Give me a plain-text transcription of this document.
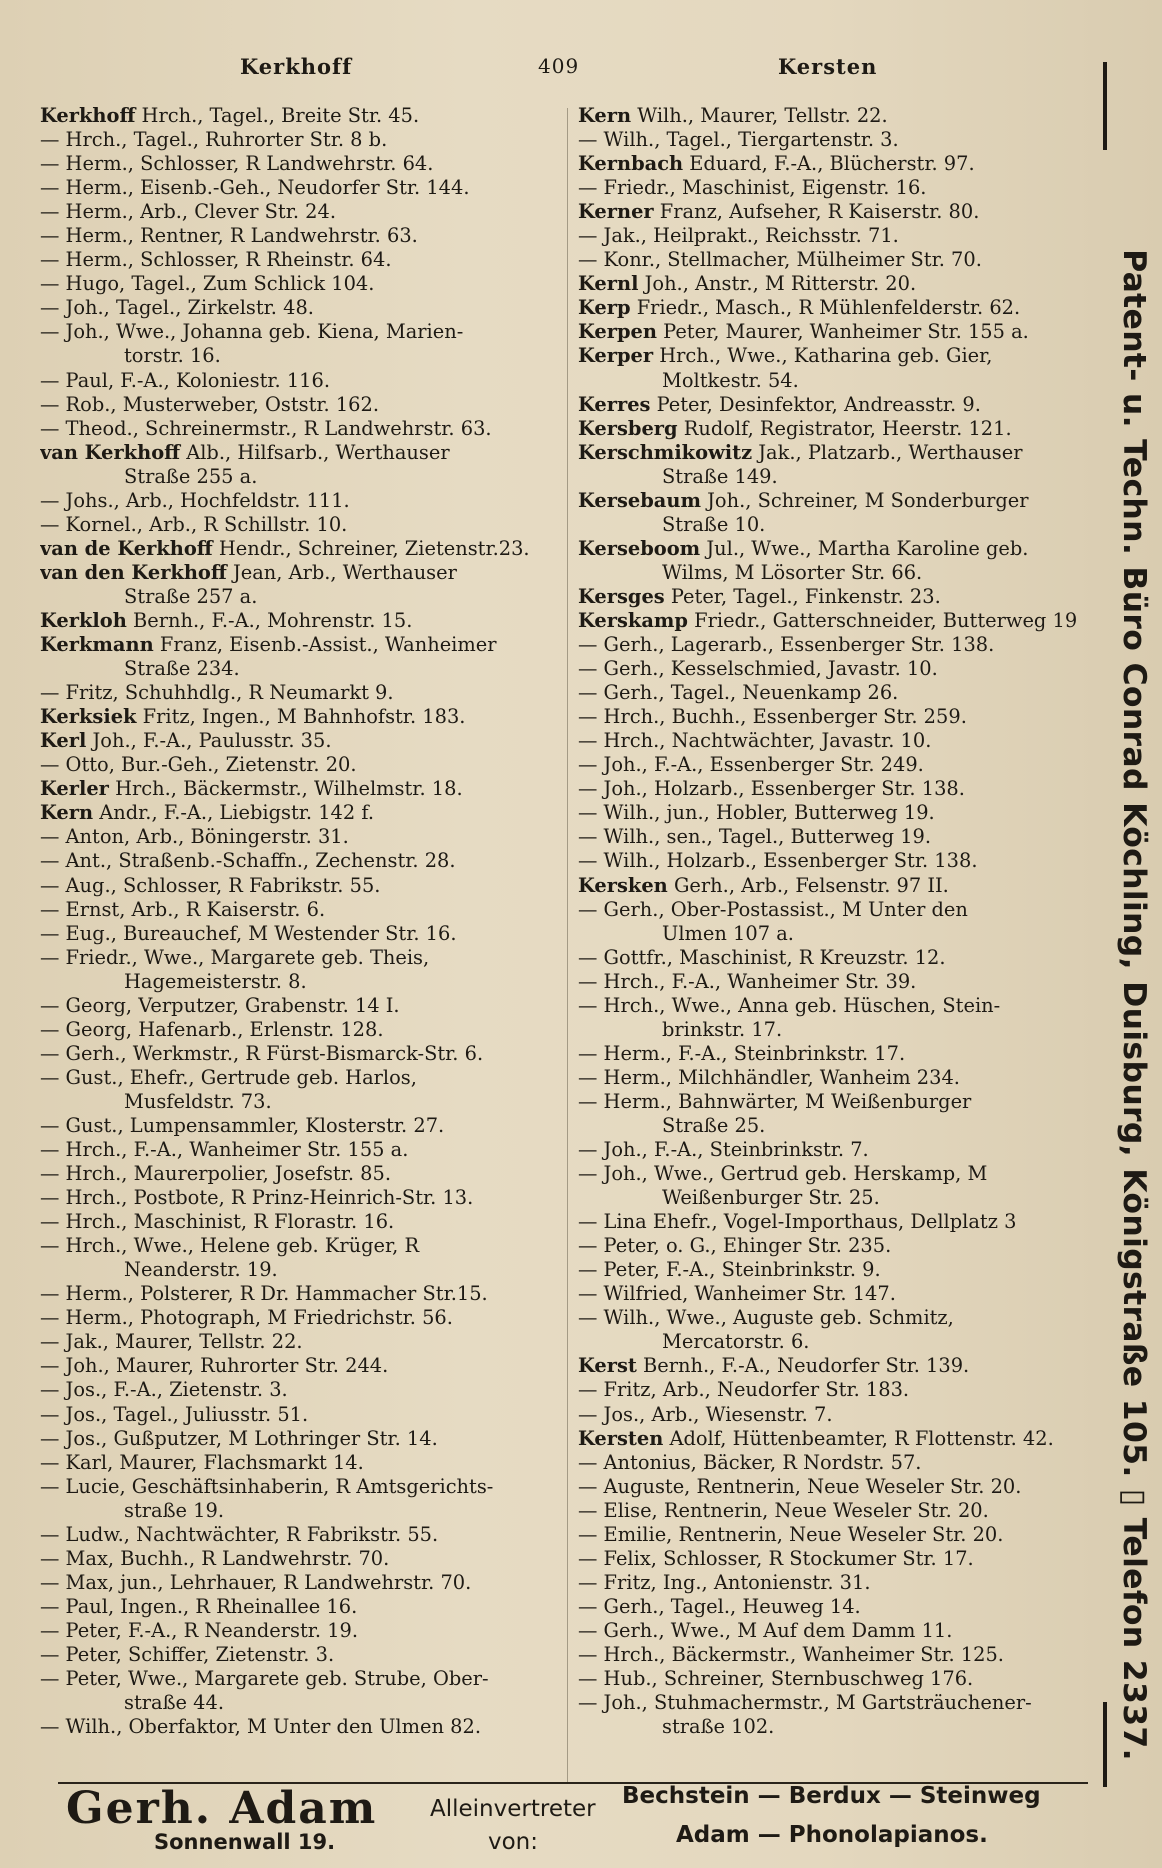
Kerkhoff	409	Kersten
Kerkhoff Hrch., Tagel., Breite Str. 45.
— Hrch., Tagel., Ruhrorter Str. 8 b.
— Herm., Schlosser, R Landwehrstr. 64.
— Herm., Eisenb.-Geh., Neudorfer Str. 144.
— Herm., Arb., Clever Str. 24.
— Herm., Rentner, R Landwehrstr. 63.
— Herm., Schlosser, R Rheinstr. 64.
— Hugo, Tagel., Zum Schlick 104.
— Joh., Tagel., Zirkelstr. 48.
— Joh., Wwe., Johanna geb. Kiena, Marien-
torstr. 16.
— Paul, F.-A., Koloniestr. 116.
— Rob., Musterweber, Oststr. 162.
— Theod., Schreinermstr., R Landwehrstr. 63.
van Kerkhoff Alb., Hilfsarb., Werthauser
Straße 255 a.
— Johs., Arb., Hochfeldstr. 111.
— Kornel., Arb., R Schillstr. 10.
van de Kerkhoff Hendr., Schreiner, Zietenstr.23.
van den Kerkhoff Jean, Arb., Werthauser
Straße 257 a.
Kerkloh Bernh., F.-A., Mohrenstr. 15.
Kerkmann Franz, Eisenb.-Assist., Wanheimer
Straße 234.
— Fritz, Schuhhdlg., R Neumarkt 9.
Kerksiek Fritz, Ingen., M Bahnhofstr. 183.
Kerl Joh., F.-A., Paulusstr. 35.
— Otto, Bur.-Geh., Zietenstr. 20.
Kerler Hrch., Bäckermstr., Wilhelmstr. 18.
Kern Andr., F.-A., Liebigstr. 142 f.
— Anton, Arb., Böningerstr. 31.
— Ant., Straßenb.-Schaffn., Zechenstr. 28.
— Aug., Schlosser, R Fabrikstr. 55.
— Ernst, Arb., R Kaiserstr. 6.
— Eug., Bureauchef, M Westender Str. 16.
— Friedr., Wwe., Margarete geb. Theis,
Hagemeisterstr. 8.
— Georg, Verputzer, Grabenstr. 14 I.
— Georg, Hafenarb., Erlenstr. 128.
— Gerh., Werkmstr., R Fürst-Bismarck-Str. 6.
— Gust., Ehefr., Gertrude geb. Harlos,
Musfeldstr. 73.
— Gust., Lumpensammler, Klosterstr. 27.
— Hrch., F.-A., Wanheimer Str. 155 a.
— Hrch., Maurerpolier, Josefstr. 85.
— Hrch., Postbote, R Prinz-Heinrich-Str. 13.
— Hrch., Maschinist, R Florastr. 16.
— Hrch., Wwe., Helene geb. Krüger, R
Neanderstr. 19.
— Herm., Polsterer, R Dr. Hammacher Str.15.
— Herm., Photograph, M Friedrichstr. 56.
— Jak., Maurer, Tellstr. 22.
— Joh., Maurer, Ruhrorter Str. 244.
— Jos., F.-A., Zietenstr. 3.
— Jos., Tagel., Juliusstr. 51.
— Jos., Gußputzer, M Lothringer Str. 14.
— Karl, Maurer, Flachsmarkt 14.
— Lucie, Geschäftsinhaberin, R Amtsgerichts-
straße 19.
— Ludw., Nachtwächter, R Fabrikstr. 55.
— Max, Buchh., R Landwehrstr. 70.
— Max, jun., Lehrhauer, R Landwehrstr. 70.
— Paul, Ingen., R Rheinallee 16.
— Peter, F.-A., R Neanderstr. 19.
— Peter, Schiffer, Zietenstr. 3.
— Peter, Wwe., Margarete geb. Strube, Ober-
straße 44.
— Wilh., Oberfaktor, M Unter den Ulmen 82.
Kern Wilh., Maurer, Tellstr. 22.
— Wilh., Tagel., Tiergartenstr. 3.
Kernbach Eduard, F.-A., Blücherstr. 97.
— Friedr., Maschinist, Eigenstr. 16.
Kerner Franz, Aufseher, R Kaiserstr. 80.
— Jak., Heilprakt., Reichsstr. 71.
— Konr., Stellmacher, Mülheimer Str. 70.
Kernl Joh., Anstr., M Ritterstr. 20.
Kerp Friedr., Masch., R Mühlenfelderstr. 62.
Kerpen Peter, Maurer, Wanheimer Str. 155 a.
Kerper Hrch., Wwe., Katharina geb. Gier,
Moltkestr. 54.
Kerres Peter, Desinfektor, Andreasstr. 9.
Kersberg Rudolf, Registrator, Heerstr. 121.
Kerschmikowitz Jak., Platzarb., Werthauser
Straße 149.
Kersebaum Joh., Schreiner, M Sonderburger
Straße 10.
Kerseboom Jul., Wwe., Martha Karoline geb.
Wilms, M Lösorter Str. 66.
Kersges Peter, Tagel., Finkenstr. 23.
Kerskamp Friedr., Gatterschneider, Butterweg 19
— Gerh., Lagerarb., Essenberger Str. 138.
— Gerh., Kesselschmied, Javastr. 10.
— Gerh., Tagel., Neuenkamp 26.
— Hrch., Buchh., Essenberger Str. 259.
— Hrch., Nachtwächter, Javastr. 10.
— Joh., F.-A., Essenberger Str. 249.
— Joh., Holzarb., Essenberger Str. 138.
— Wilh., jun., Hobler, Butterweg 19.
— Wilh., sen., Tagel., Butterweg 19.
— Wilh., Holzarb., Essenberger Str. 138.
Kersken Gerh., Arb., Felsenstr. 97 II.
— Gerh., Ober-Postassist., M Unter den
Ulmen 107 a.
— Gottfr., Maschinist, R Kreuzstr. 12.
— Hrch., F.-A., Wanheimer Str. 39.
— Hrch., Wwe., Anna geb. Hüschen, Stein-
brinkstr. 17.
— Herm., F.-A., Steinbrinkstr. 17.
— Herm., Milchhändler, Wanheim 234.
— Herm., Bahnwärter, M Weißenburger
Straße 25.
— Joh., F.-A., Steinbrinkstr. 7.
— Joh., Wwe., Gertrud geb. Herskamp, M
Weißenburger Str. 25.
— Lina Ehefr., Vogel-Importhaus, Dellplatz 3
— Peter, o. G., Ehinger Str. 235.
— Peter, F.-A., Steinbrinkstr. 9.
— Wilfried, Wanheimer Str. 147.
— Wilh., Wwe., Auguste geb. Schmitz,
Mercatorstr. 6.
Kerst Bernh., F.-A., Neudorfer Str. 139.
— Fritz, Arb., Neudorfer Str. 183.
— Jos., Arb., Wiesenstr. 7.
Kersten Adolf, Hüttenbeamter, R Flottenstr. 42.
— Antonius, Bäcker, R Nordstr. 57.
— Auguste, Rentnerin, Neue Weseler Str. 20.
— Elise, Rentnerin, Neue Weseler Str. 20.
— Emilie, Rentnerin, Neue Weseler Str. 20.
— Felix, Schlosser, R Stockumer Str. 17.
— Fritz, Ing., Antonienstr. 31.
— Gerh., Tagel., Heuweg 14.
— Gerh., Wwe., M Auf dem Damm 11.
— Hrch., Bäckermstr., Wanheimer Str. 125.
— Hub., Schreiner, Sternbuschweg 176.
— Joh., Stuhmachermstr., M Gartsträuchener-
straße 102.	Patent- u. Techn. Büro Conrad Köchling, Duisburg, Königstraße 105. ▯ Telefon 2337.
Gerh. Adam
Sonnenwall 19.
Alleinvertreter
von:
Bechstein — Berdux — Steinweg
Adam — Phonolapianos.
